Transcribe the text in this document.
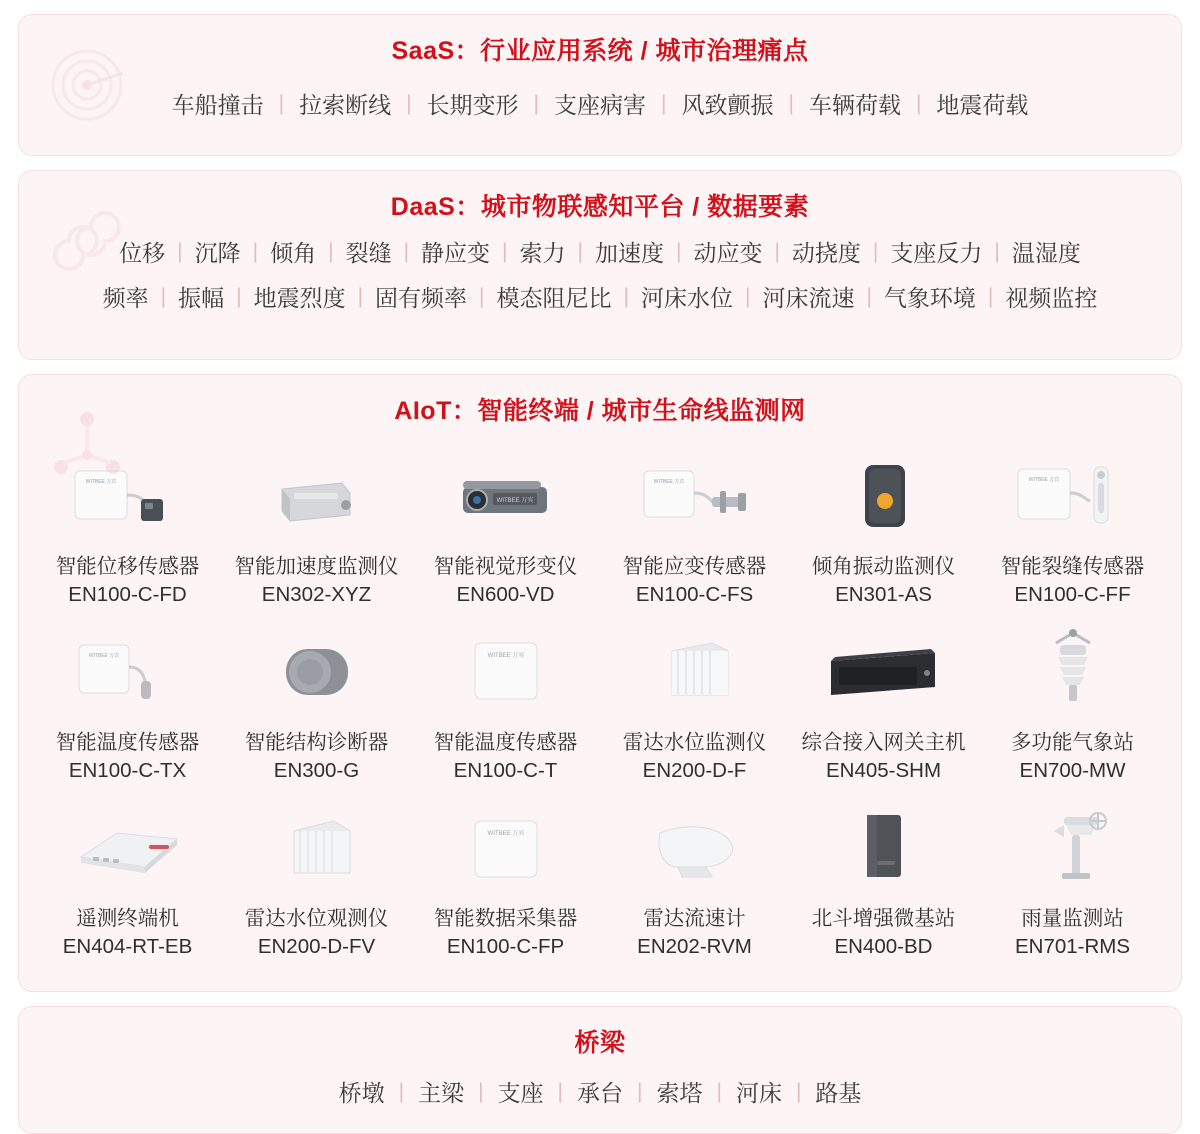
SaaS：行业应用系统 / 城市治理痛点
车船撞击 | 拉索断线 | 长期变形 | 支座病害 | 风致颤振 | 车辆荷载 | 地震荷载
DaaS：城市物联感知平台 / 数据要素
位移 | 沉降 | 倾角 | 裂缝 | 静应变 | 索力 | 加速度 | 动应变 | 动挠度 | 支座反力 | 温湿度
频率 | 振幅 | 地震烈度 | 固有频率 | 模态阻尼比 | 河床水位 | 河床流速 | 气象环境 | 视频监控
AIoT：智能终端 / 城市生命线监测网
WITBEE 万宾
智能位移传感器
EN100-C-FD
智能加速度监测仪
EN302-XYZ
WITBEE 万宾
智能视觉形变仪
EN600-VD
WITBEE 万宾
智能应变传感器
EN100-C-FS
倾角振动监测仪
EN301-AS
WITBEE 万宾
智能裂缝传感器
EN100-C-FF
WITBEE 万宾
智能温度传感器
EN100-C-TX
智能结构诊断器
EN300-G
WITBEE 万宾
智能温度传感器
EN100-C-T
雷达水位监测仪
EN200-D-F
综合接入网关主机
EN405-SHM
多功能气象站
EN700-MW
遥测终端机
EN404-RT-EB
雷达水位观测仪
EN200-D-FV
WITBEE 万宾
智能数据采集器
EN100-C-FP
雷达流速计
EN202-RVM
北斗增强微基站
EN400-BD
雨量监测站
EN701-RMS
桥梁
桥墩 | 主梁 | 支座 | 承台 | 索塔 | 河床 | 路基
